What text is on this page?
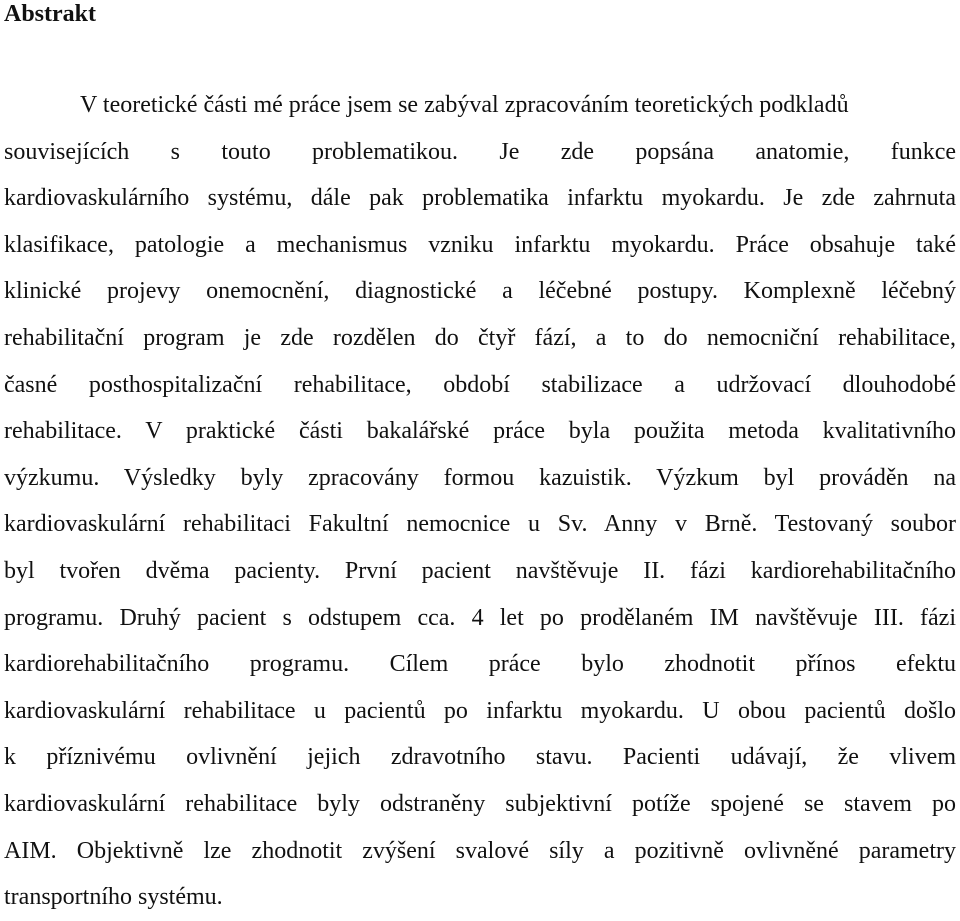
Abstrakt
V teoretické části mé práce jsem se zabýval zpracováním teoretických podkladů
souvisejících s touto problematikou. Je zde popsána anatomie, funkce
kardiovaskulárního systému, dále pak problematika infarktu myokardu. Je zde zahrnuta
klasifikace, patologie a mechanismus vzniku infarktu myokardu. Práce obsahuje také
klinické projevy onemocnění, diagnostické a léčebné postupy. Komplexně léčebný
rehabilitační program je zde rozdělen do čtyř fází, a to do nemocniční rehabilitace,
časné posthospitalizační rehabilitace, období stabilizace a udržovací dlouhodobé
rehabilitace. V praktické části bakalářské práce byla použita metoda kvalitativního
výzkumu. Výsledky byly zpracovány formou kazuistik. Výzkum byl prováděn na
kardiovaskulární rehabilitaci Fakultní nemocnice u Sv. Anny v Brně. Testovaný soubor
byl tvořen dvěma pacienty. První pacient navštěvuje II. fázi kardiorehabilitačního
programu. Druhý pacient s odstupem cca. 4 let po prodělaném IM navštěvuje III. fázi
kardiorehabilitačního programu. Cílem práce bylo zhodnotit přínos efektu
kardiovaskulární rehabilitace u pacientů po infarktu myokardu. U obou pacientů došlo
k příznivému ovlivnění jejich zdravotního stavu. Pacienti udávají, že vlivem
kardiovaskulární rehabilitace byly odstraněny subjektivní potíže spojené se stavem po
AIM. Objektivně lze zhodnotit zvýšení svalové síly a pozitivně ovlivněné parametry
transportního systému.
